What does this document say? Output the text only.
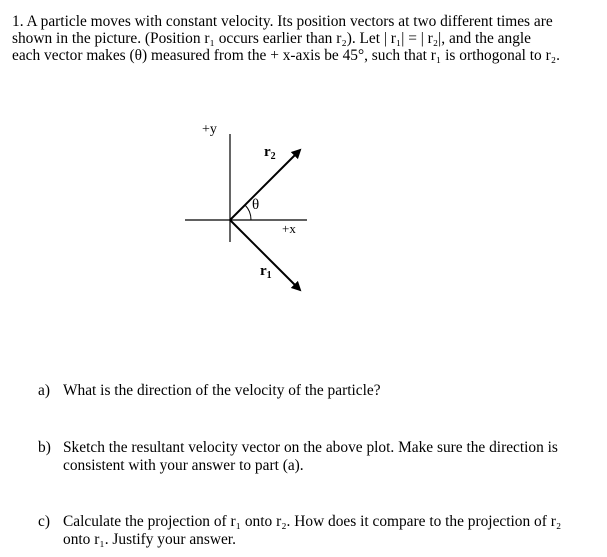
1. A particle moves with constant velocity. Its position vectors at two different times are
shown in the picture. (Position r₁ occurs earlier than r₂). Let | r₁| = | r₂|, and the angle
each vector makes (θ) measured from the + x-axis be 45°, such that r₁ is orthogonal to r₂.
+y
+x
θ
$r_2$
$r_1$
a) What is the direction of the velocity of the particle?
b) Sketch the resultant velocity vector on the above plot. Make sure the direction is
consistent with your answer to part (a).
c) Calculate the projection of r₁ onto r₂. How does it compare to the projection of r₂
onto r₁. Justify your answer.
